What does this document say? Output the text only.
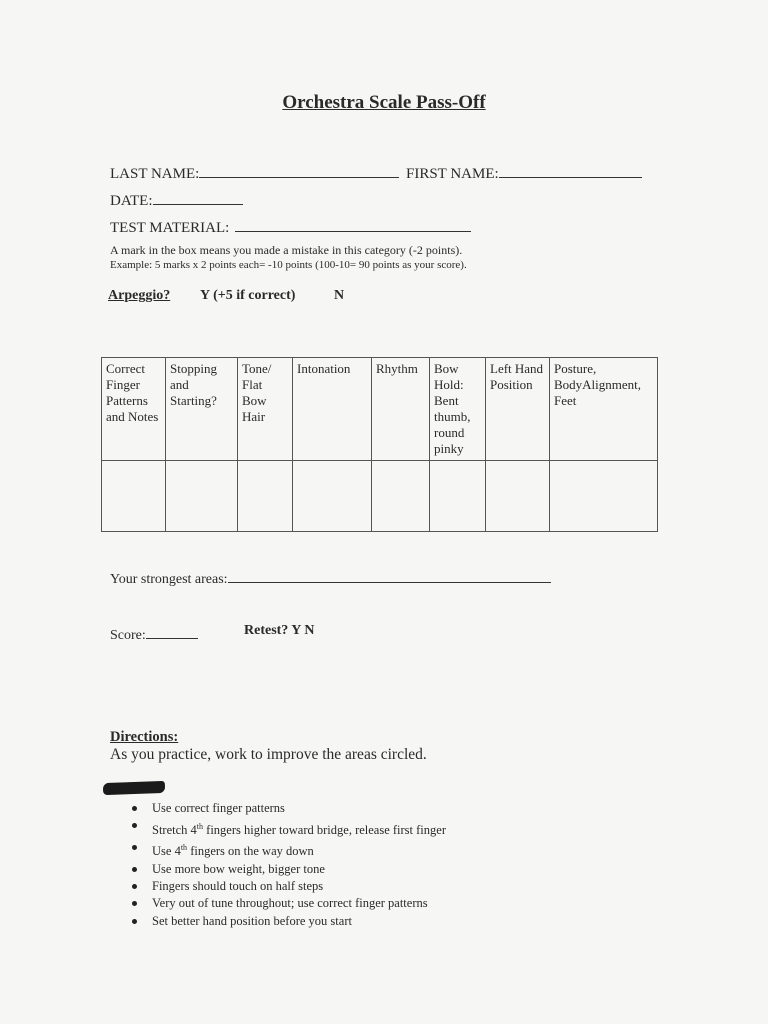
Orchestra Scale Pass-Off
LAST NAME:	FIRST NAME:
DATE:
TEST MATERIAL:
A mark in the box means you made a mistake in this category (-2 points).
Example: 5 marks x 2 points each= -10 points (100-10= 90 points as your score).
Arpeggio? Y (+5 if correct)	N
Correct Finger Patterns and Notes	Stopping and Starting?	Tone/ Flat Bow Hair	Intonation	Rhythm	Bow Hold: Bent thumb, round pinky	Left Hand Position	Posture, BodyAlignment, Feet

Your strongest areas:
Score:	Retest? Y N
Directions:
As you practice, work to improve the areas circled.
Use correct finger patterns
Stretch 4th fingers higher toward bridge, release first finger
Use 4th fingers on the way down
Use more bow weight, bigger tone
Fingers should touch on half steps
Very out of tune throughout; use correct finger patterns
Set better hand position before you start
